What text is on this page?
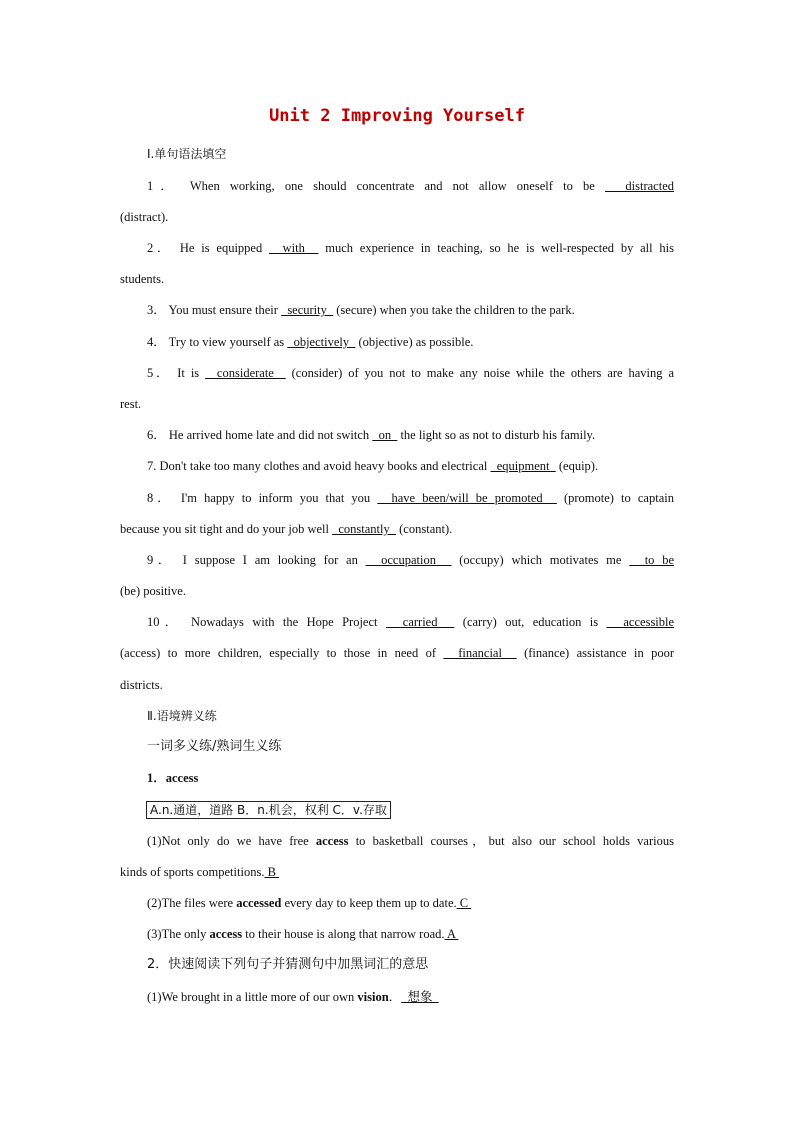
Unit 2 Improving Yourself
Ⅰ.单句语法填空
1． When working, one should concentrate and not allow oneself to be   distracted
(distract).
2． He is equipped   with   much experience in teaching, so he is well-respected by all his
students.
3． You must ensure their   security   (secure) when you take the children to the park.
4． Try to view yourself as   objectively   (objective) as possible.
5． It is   considerate   (consider) of you not to make any noise while the others are having a
rest.
6． He arrived home late and did not switch   on   the light so as not to disturb his family.
7. Don't take too many clothes and avoid heavy books and electrical   equipment   (equip).
8． I'm happy to inform you that you   have been/will be promoted   (promote) to captain
because you sit tight and do your job well   constantly   (constant).
9． I suppose I am looking for an   occupation   (occupy) which motivates me   to be
(be) positive.
10． Nowadays with the Hope Project   carried   (carry) out, education is   accessible
(access) to more children, especially to those in need of   financial   (finance) assistance in poor
districts.
Ⅱ.语境辨义练
一词多义练/熟词生义练
1．access
A.n.通道，道路 B．n.机会，权利 C．v.存取
(1)Not only do we have free access to basketball courses，but also our school holds various
kinds of sports competitions. B
(2)The files were accessed every day to keep them up to date. C
(3)The only access to their house is along that narrow road. A
2．快速阅读下列句子并猜测句中加黑词汇的意思
(1)We brought in a little more of our own vision．  想象
